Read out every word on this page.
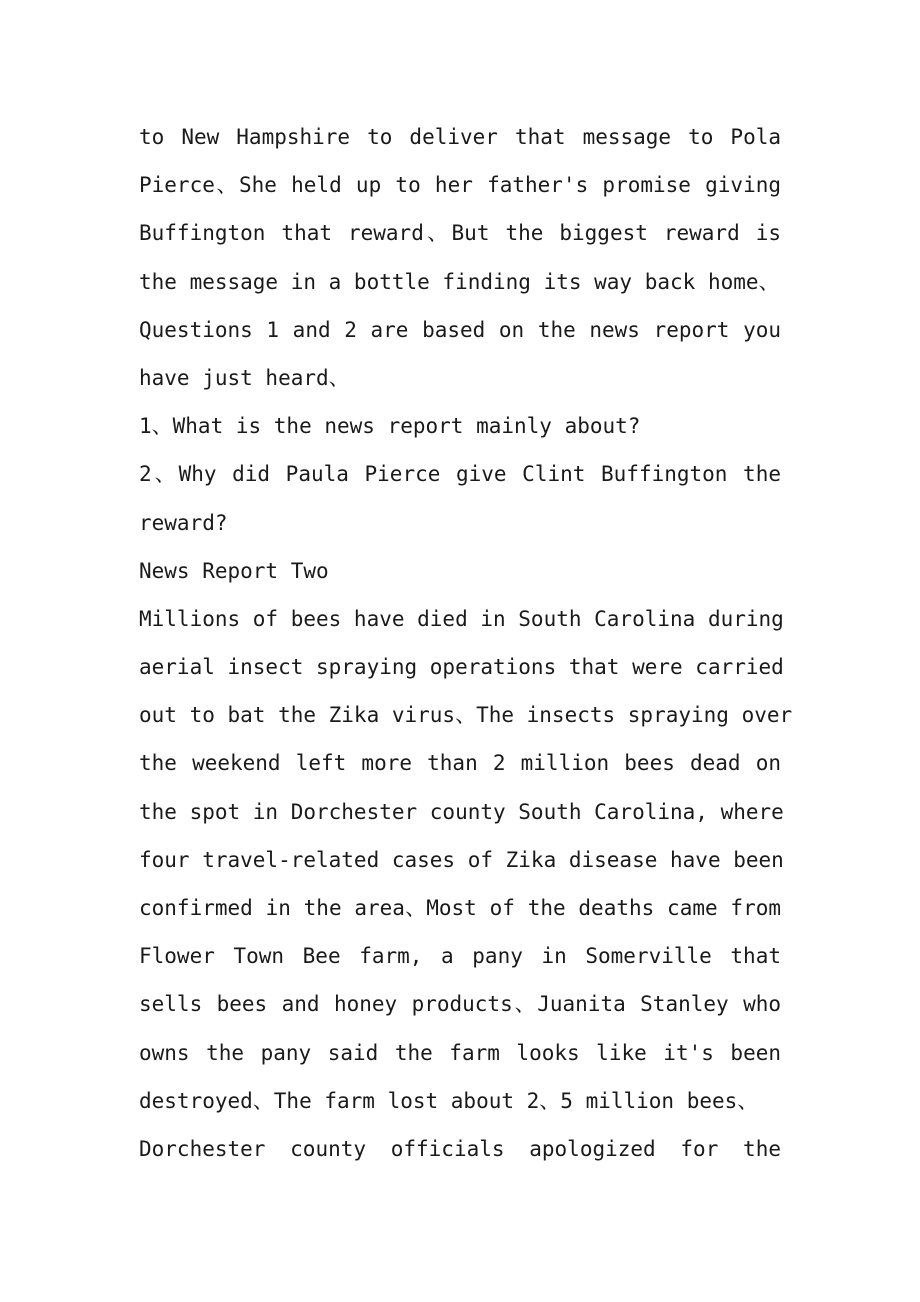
to New Hampshire to deliver that message to Pola
Pierce、She held up to her father's promise giving
Buffington that reward、But the biggest reward is
the message in a bottle finding its way back home、
Questions 1 and 2 are based on the news report you
have just heard、
1、What is the news report mainly about?
2、Why did Paula Pierce give Clint Buffington the
reward?
News Report Two
Millions of bees have died in South Carolina during
aerial insect spraying operations that were carried
out to bat the Zika virus、The insects spraying over
the weekend left more than 2 million bees dead on
the spot in Dorchester county South Carolina, where
four travel-related cases of Zika disease have been
confirmed in the area、Most of the deaths came from
Flower Town Bee farm, a pany in Somerville that
sells bees and honey products、Juanita Stanley who
owns the pany said the farm looks like it's been
destroyed、The farm lost about 2、5 million bees、
Dorchester county officials apologized for the
